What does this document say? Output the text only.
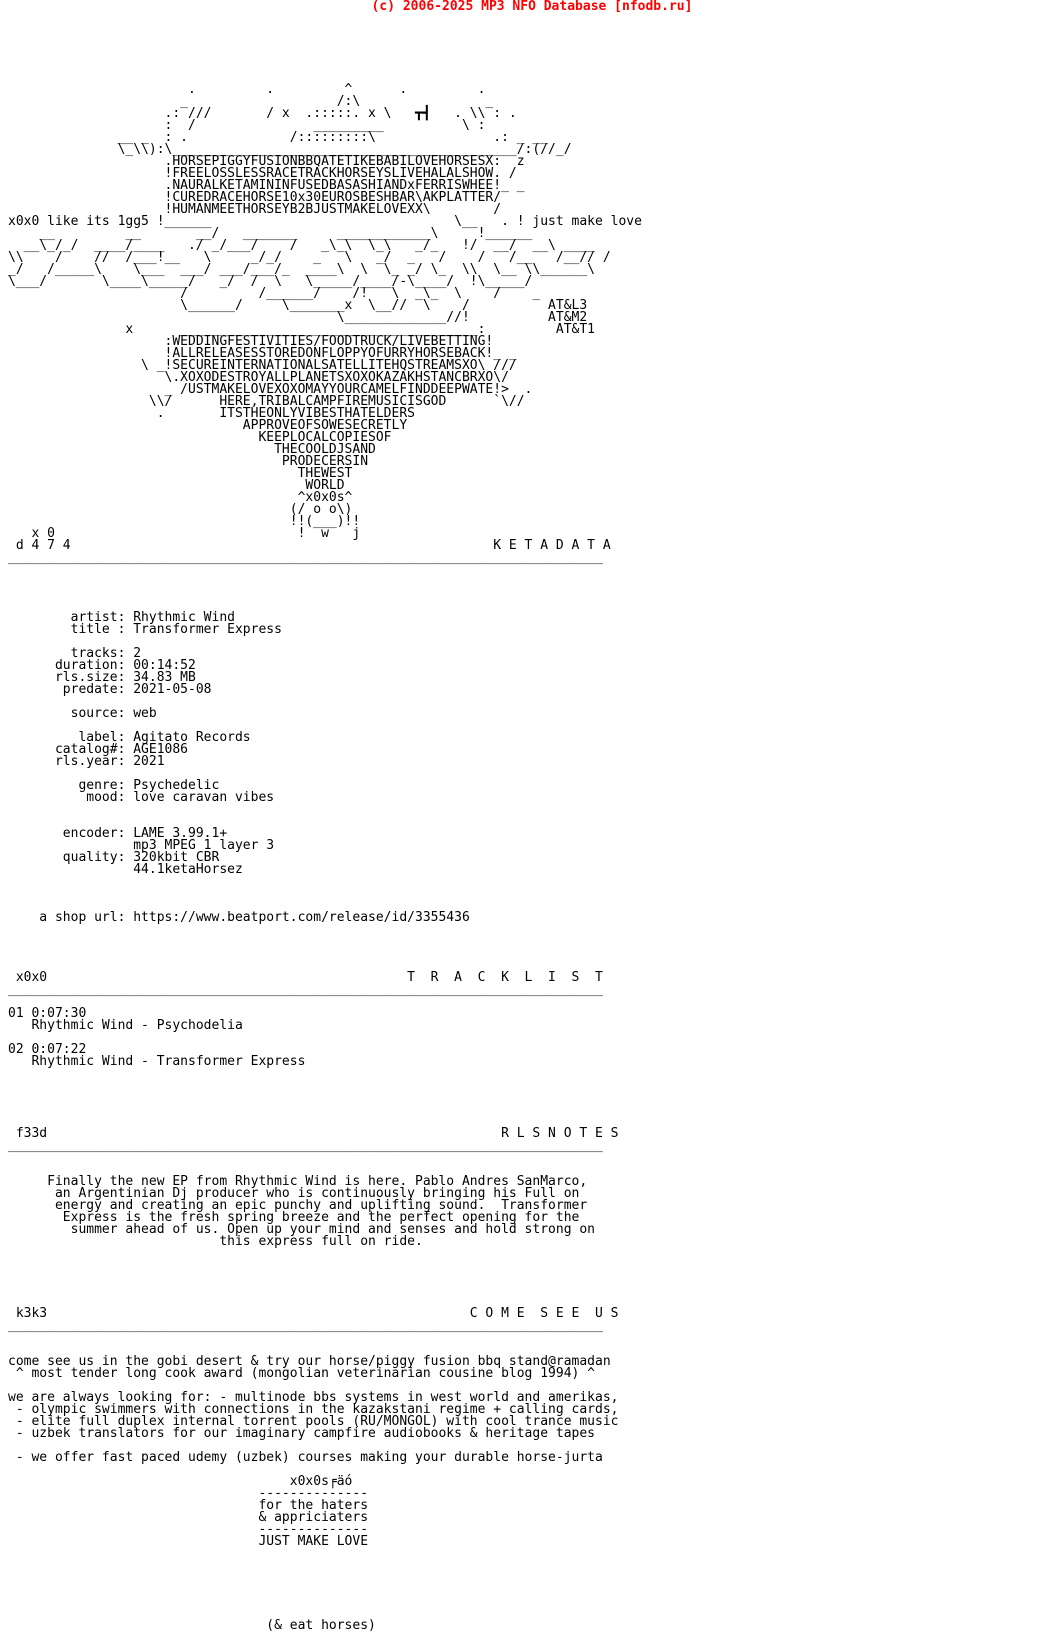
(c) 2006-2025 MP3 NFO Database [nfodb.ru]
.         .         ^      .         .
_                   /:\                _
.: ///       / x  .:::::. x \   ┳┫   . \\ : .
:  /               _________          \ :
__ _  : .             /:::::::::\               .: _ __
\_\\):\____________________________________________/:(//_/
.HORSEPIGGYFUSIONBBQATETIKEBABILOVEHORSESX:  z
!FREELOSSLESSRACETRACKHORSEYSLIVEHALALSHOW. /
.NAURALKETAMININFUSEDBASASHIANDxFERRISWHEE!_ _
!CUREDRACEHORSE10x30EUROSBESHBAR\AKPLATTER/
!HUMANMEETHORSEYB2BJUSTMAKELOVEXX\        /
x0x0 like its 1gg5 !______                               \__   . ! just make love
__         __       __/   _______     ____________\     !______
__\_/_/  ____/____   ./ _/___/    /   _\_\  \_\   _/_   !/  __/  __\ ____
\\    /    //  /___!__   \     _/_/    _   \   _/  _   /    /   /__   /__// /
_/   /_____\    \___  ___/ ___/___/_  ____\  \  \_ _/ \_  \\  \__ \\______\
\___/       \____\_____/   _/  /  \   \_____/____/-\____/  !\_____/
/         /______/    /!   \  _\_  \    /    _
\______/     \_______x  \__//  \    /          AT&L3
\_____________//!          AT&M2
x      ______________________________________:         AT&T1
:WEDDINGFESTIVITIES/FOODTRUCK/LIVEBETTING!
!ALLRELEASESSTOREDONFLOPPYOFURRYHORSEBACK!_ _
\ _!SECUREINTERNATIONALSATELLITEHQSTREAMSXO\ ///
\.XOXODESTROYALLPLANETSXOXOKAZAKHSTANCBRXO\/
_ /USTMAKELOVEXOXOMAYYOURCAMELFINDDEEPWATE!>  .
\\/      HERE,TRIBALCAMPFIREMUSICISGOD      `\//
.       ITSTHEONLYVIBESTHATELDERS
APPROVEOFSOWESECRETLY
KEEPLOCALCOPIESOF
THECOOLDJSAND
PRODECERSIN
THEWEST
WORLD
^x0x0s^
(/ o o\)
!!(___)!!
x 0                               !  w   j
d 4 7 4                                                      K E T A D A T A
____________________________________________________________________________

artist: Rhythmic Wind
title : Transformer Express

tracks: 2
duration: 00:14:52
rls.size: 34.83 MB
predate: 2021-05-08

source: web

label: Agitato Records
catalog#: AGE1086
rls.year: 2021

genre: Psychedelic
mood: love caravan vibes

encoder: LAME 3.99.1+
mp3 MPEG 1 layer 3
quality: 320kbit CBR
44.1ketaHorsez

a shop url: https://www.beatport.com/release/id/3355436

x0x0                                              T  R  A  C  K  L  I  S  T
____________________________________________________________________________

01 0:07:30
Rhythmic Wind - Psychodelia

02 0:07:22
Rhythmic Wind - Transformer Express

f33d                                                          R L S N O T E S
____________________________________________________________________________

Finally the new EP from Rhythmic Wind is here. Pablo Andres SanMarco,
an Argentinian Dj producer who is continuously bringing his Full on
energy and creating an epic punchy and uplifting sound.  Transformer
Express is the fresh spring breeze and the perfect opening for the
summer ahead of us. Open up your mind and senses and hold strong on
this express full on ride.

k3k3                                                      C O M E  S E E  U S
____________________________________________________________________________

come see us in the gobi desert & try our horse/piggy fusion bbq stand@ramadan
^ most tender long cook award (mongolian veterinarian cousine blog 1994) ^

we are always looking for: - multinode bbs systems in west world and amerikas,
- olympic swimmers with connections in the kazakstani regime + calling cards,
- elite full duplex internal torrent pools (RU/MONGOL) with cool trance music
- uzbek translators for our imaginary campfire audiobooks & heritage tapes

- we offer fast paced udemy (uzbek) courses making your durable horse-jurta

x0x0s╒äó
--------------
for the haters
& appriciaters
--------------
JUST MAKE LOVE

(& eat horses)
